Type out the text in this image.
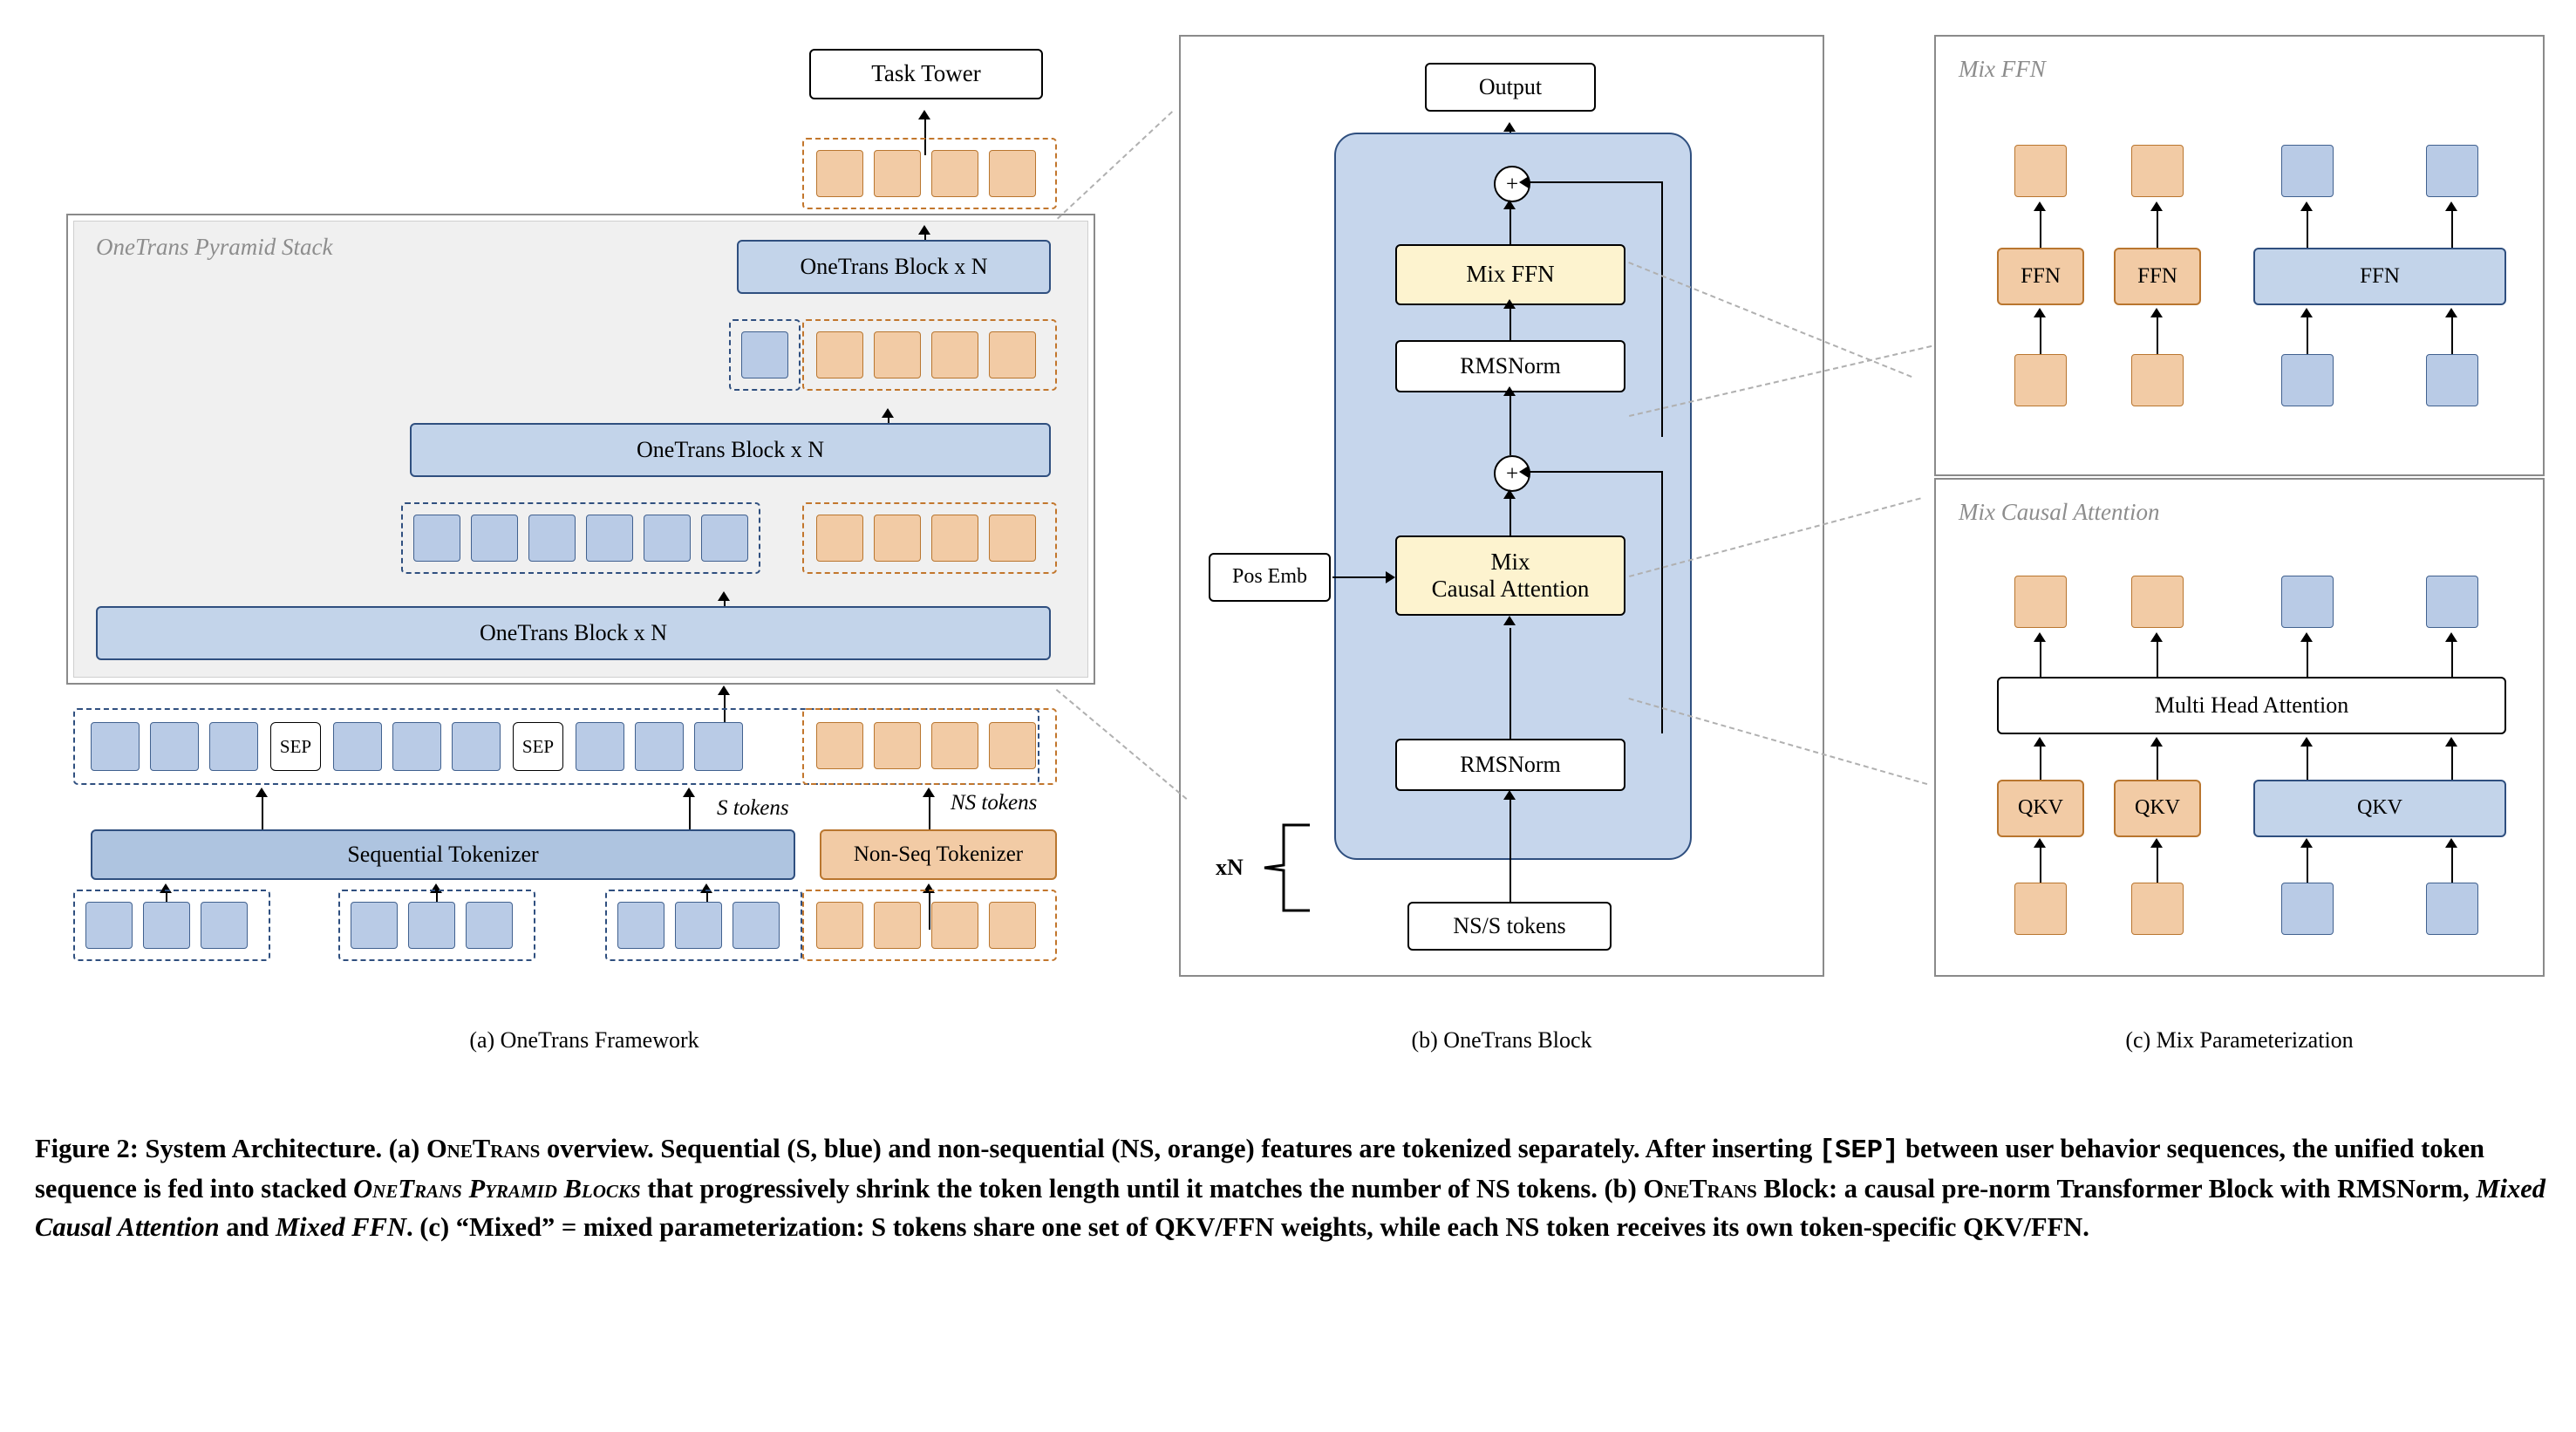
OneTrans Pyramid Stack
Task Tower
OneTrans Block x N
OneTrans Block x N
OneTrans Block x N
SEP	SEP
S tokens	NS tokens
Sequential Tokenizer	Non-Seq Tokenizer
(a) OneTrans Framework
Output
+
Mix FFN
RMSNorm
+
Mix
Causal Attention
Pos Emb
RMSNorm
NS/S tokens
xN
(b) OneTrans Block
Mix FFN
FFN	FFN	FFN
Mix Causal Attention
Multi Head Attention
QKV	QKV	QKV
(c) Mix Parameterization
Figure 2: System Architecture. (a) OneTrans overview. Sequential (S, blue) and non-sequential (NS, orange) features are tokenized separately. After inserting [SEP] between user behavior sequences, the unified token sequence is fed into stacked OneTrans Pyramid Blocks that progressively shrink the token length until it matches the number of NS tokens. (b) OneTrans Block: a causal pre-norm Transformer Block with RMSNorm, Mixed Causal Attention and Mixed FFN. (c) “Mixed” = mixed parameterization: S tokens share one set of QKV/FFN weights, while each NS token receives its own token-specific QKV/FFN.
